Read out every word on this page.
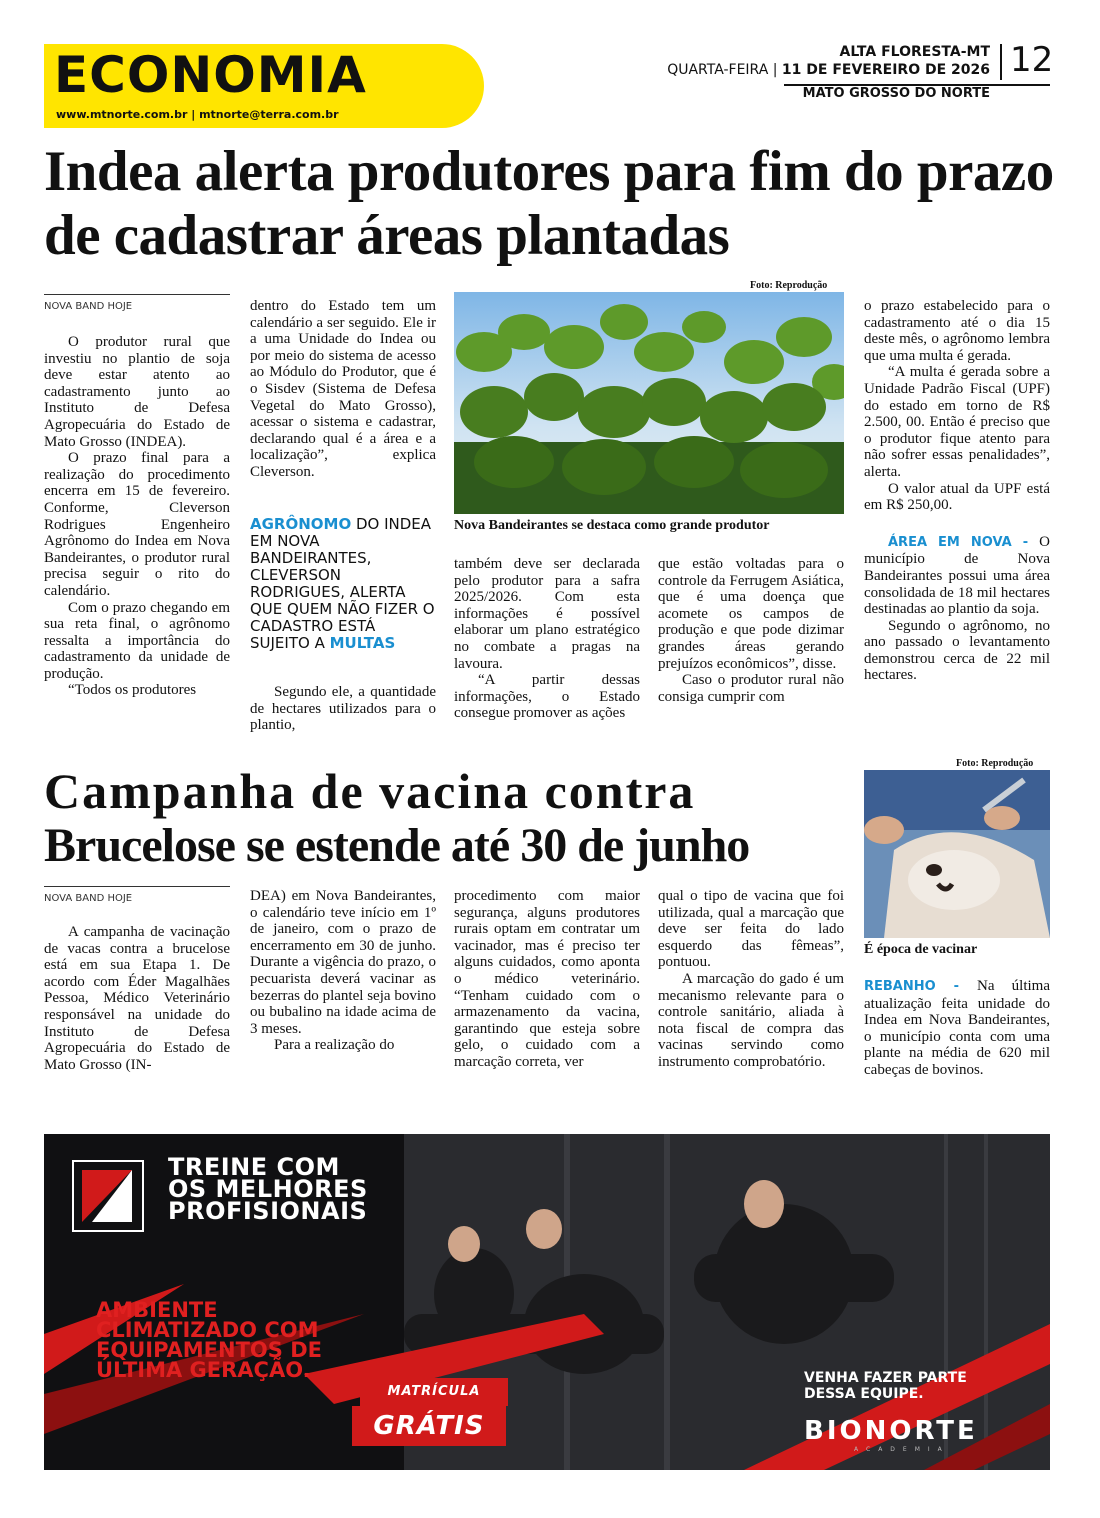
ECONOMIA
www.mtnorte.com.br | mtnorte@terra.com.br
ALTA FLORESTA-MT
QUARTA-FEIRA | 11 DE FEVEREIRO DE 2026
MATO GROSSO DO NORTE
12
Indea alerta produtores para fim do prazo de cadastrar áreas plantadas
NOVA BAND HOJE

O produtor rural que investiu no plantio de soja deve estar atento ao cadastramento junto ao Instituto de Defesa Agropecuária do Estado de Mato Grosso (INDEA).

O prazo final para a realização do procedimento encerra em 15 de fevereiro. Conforme, Cleverson Rodrigues Engenheiro Agrônomo do Indea em Nova Bandeirantes, o produtor rural precisa seguir o rito do calendário.

Com o prazo chegando em sua reta final, o agrônomo ressalta a importância do cadastramento da unidade de produção.

“Todos os produtores

dentro do Estado tem um calendário a ser seguido. Ele ir a uma Unidade do Indea ou por meio do sistema de acesso ao Módulo do Produtor, que é o Sisdev (Sistema de Defesa Vegetal do Mato Grosso), acessar o sistema e cadastrar, declarando qual é a área e a localização”, explica Cleverson.

AGRÔNOMO DO INDEA EM NOVA BANDEIRANTES, CLEVERSON RODRIGUES, ALERTA QUE QUEM NÃO FIZER O CADASTRO ESTÁ SUJEITO A MULTAS

Segundo ele, a quantidade de hectares utilizados para o plantio,

Foto: Reprodução
Nova Bandeirantes se destaca como grande produtor

também deve ser declarada pelo produtor para a safra 2025/2026. Com esta informações é possível elaborar um plano estratégico no combate a pragas na lavoura.

“A partir dessas informações, o Estado consegue promover as ações

que estão voltadas para o controle da Ferrugem Asiática, que é uma doença que acomete os campos de produção e que pode dizimar grandes áreas gerando prejuízos econômicos”, disse.

Caso o produtor rural não consiga cumprir com

o prazo estabelecido para o cadastramento até o dia 15 deste mês, o agrônomo lembra que uma multa é gerada.

“A multa é gerada sobre a Unidade Padrão Fiscal (UPF) do estado em torno de R$ 2.500, 00. Então é preciso que o produtor fique atento para não sofrer essas penalidades”, alerta.

O valor atual da UPF está em R$ 250,00.

ÁREA EM NOVA - O município de Nova Bandeirantes possui uma área consolidada de 18 mil hectares destinadas ao plantio da soja.

Segundo o agrônomo, no ano passado o levantamento demonstrou cerca de 22 mil hectares.

Campanha de vacina contra
Brucelose se estende até 30 de junho
NOVA BAND HOJE

A campanha de vacinação de vacas contra a brucelose está em sua Etapa 1. De acordo com Éder Magalhães Pessoa, Médico Veterinário responsável na unidade do Instituto de Defesa Agropecuária do Estado de Mato Grosso (IN-

DEA) em Nova Bandeirantes, o calendário teve início em 1º de janeiro, com o prazo de encerramento em 30 de junho. Durante a vigência do prazo, o pecuarista deverá vacinar as bezerras do plantel seja bovino ou bubalino na idade acima de 3 meses.

Para a realização do

procedimento com maior segurança, alguns produtores rurais optam em contratar um vacinador, mas é preciso ter alguns cuidados, como aponta o médico veterinário. “Tenham cuidado com o armazenamento da vacina, garantindo que esteja sobre gelo, o cuidado com a marcação correta, ver

qual o tipo de vacina que foi utilizada, qual a marcação que deve ser feita do lado esquerdo das fêmeas”, pontuou.

A marcação do gado é um mecanismo relevante para o controle sanitário, aliada à nota fiscal de compra das vacinas servindo como instrumento comprobatório.

Foto: Reprodução
É época de vacinar

REBANHO - Na última atualização feita unidade do Indea em Nova Bandeirantes, o município conta com uma plante na média de 620 mil cabeças de bovinos.

TREINE COM
OS MELHORES
PROFISIONAIS
AMBIENTE
CLIMATIZADO COM
EQUIPAMENTOS DE
ÚLTIMA GERAÇÃO.
MATRÍCULA
GRÁTIS
VENHA FAZER PARTE
DESSA EQUIPE.
BIONORTE
ACADEMIA
